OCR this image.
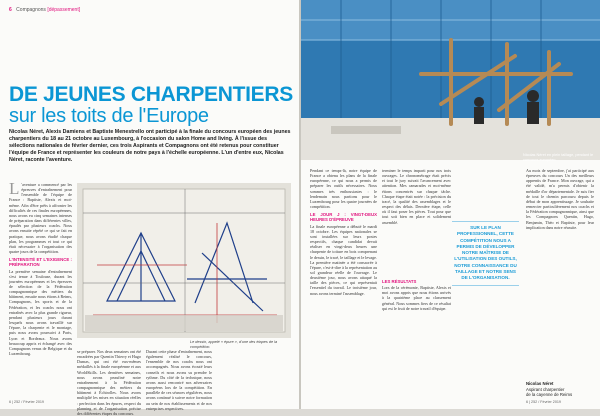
6 Compagnons [dépassement]
DE JEUNES CHARPENTIERS
sur les toits de l'Europe

Nicolas Néret, Alexis Damiens et Baptiste Menestrello ont participé à la finale du concours européen des jeunes charpentiers du 18 au 21 octobre au Luxembourg, à l'occasion du salon Home and living. À l'issue des sélections nationales de février dernier, ces trois Aspirants et Compagnons ont été retenus pour constituer l'équipe de France et représenter les couleurs de notre pays à l'échelle européenne. L'un d'entre eux, Nicolas Néret, raconte l'aventure.

L 'aventure a commencé par les épreuves d'entraînement pour l'ensemble de l'équipe de France : Baptiste, Alexis et moi-même. Afin d'être prêts à affronter les difficultés de ces finales européennes, nous avons eu cinq semaines intenses de préparation dans différentes villes, épaulés par plusieurs coachs. Nous avons ensuite répété ce qui se fait en pratique, nous avons étudié chaque plan, les programmes et tout ce qui était nécessaire à l'organisation des quatre jours de la compétition.

L'INTENSITÉ ET L'EXIGENCE : PRÉPARATION

La première semaine d'entraînement s'est tenue à Toulouse, durant les journées européennes et les épreuves de sélection de la Fédération compagnonnique des métiers du bâtiment, ensuite nous étions à Reims, Compagnons, les sports et de la Fédération, et les coachs nous ont entraînés avec la plus grande rigueur, pendant plusieurs jours durant lesquels nous avons travaillé sur l'épure, la charpente et le montage, puis nous avons poursuivi à Paris, Lyon et Bordeaux. Nous avons beaucoup appris et échangé avec des Compagnons venus de Belgique et du Luxembourg.

Le dessin, appelé « épure », d'une des étapes de la compétition.

se préparer. Nos deux semaines ont été encadrées par Quentin Thierry et Hugo Dumas, qui ont été eux-mêmes médaillés à la finale européenne et aux WorldSkills. Les dernières semaines, nous avons peaufiné notre entraînement à la Fédération compagnonnique des métiers du bâtiment à Échirolles. Nous avons multiplié les mises en situation réelles : perfection dans les épures, respect du planning et de l'organisation précise des différentes étapes du concours.

Durant cette phase d'entraînement, nous également réalisé le concours, l'ensemble de nos coachs nous ont accompagnés. Nous avons écouté leurs conseils et nous avons su prendre le rythme. Du côté de la technique, nous avons aussi rencontré nos adversaires européens lors de la compétition. En parallèle de ces séances régulières, nous avons continué à suivre notre formation au sein de nos établissements et de nos entreprises respectives.

6 | 252 / Février 2019
Nicolas Néret en plein taillage, pendant le concours européen.

Pendant ce temps-là, notre équipe de France a obtenu les plans de la finale européenne, ce qui nous a permis de préparer les outils nécessaires. Nous sommes très enthousiastes : le lendemain nous partions pour le Luxembourg pour les quatre journées de compétition.

LE JOUR J : VINGT-DEUX HEURES D'ÉPREUVE

La finale européenne a débuté le mardi 18 octobre. Les équipes nationales se sont installées sur leurs postes respectifs, chaque candidat devait réaliser en vingt-deux heures une charpente de toiture en bois comprenant le dessin, le tracé, le taillage et le levage. La première matinée a été consacrée à l'épure, c'est-à-dire à la représentation au sol grandeur réelle de l'ouvrage. Le deuxième jour, nous avons attaqué la taille des pièces, ce qui représentait l'essentiel du travail. Le troisième jour, nous avons terminé l'assemblage.

terminer le temps imparti pour nos trois ouvrages. Le chronométrage était précis et tout le jury suivait l'avancement avec attention. Mes camarades et moi-même étions concentrés sur chaque tâche. Chaque étape était notée : la précision du tracé, la qualité des assemblages et le respect des délais. Dernière étape, celle où il faut poser les pièces. Tout pour que tout soit bien en place et solidement assemblé.

LES RÉSULTATS

Lors de la cérémonie, Baptiste, Alexis et moi avons appris que nous étions arrivés à la quatrième place au classement général. Nous sommes fiers de ce résultat qui est le fruit de notre travail d'équipe.

Au mois de septembre, j'ai participé aux épreuves du concours Un des meilleurs apprentis de France. Mon ouvrage, qui a été validé, m'a permis d'obtenir la médaille d'or départementale. Je suis fier de tout le chemin parcouru depuis le début de mon apprentissage. Je souhaite remercier particulièrement nos coachs et la Fédération compagnonnique, ainsi que les Compagnons Quentin, Hugo, Benjamin, Théo et Baptiste, pour leur implication dans notre réussite.

6 | 252 / Février 2019
SUR LE PLAN PROFESSIONNEL, CETTE COMPÉTITION NOUS A PERMIS DE DÉVELOPPER NOTRE MAÎTRISE DE L'UTILISATION DES OUTILS, NOTRE CONNAISSANCE DU TAILLAGE ET NOTRE SENS DE L'ORGANISATION.
Nicolas Néret
Aspirant charpentier
de la cayenne de Reims
